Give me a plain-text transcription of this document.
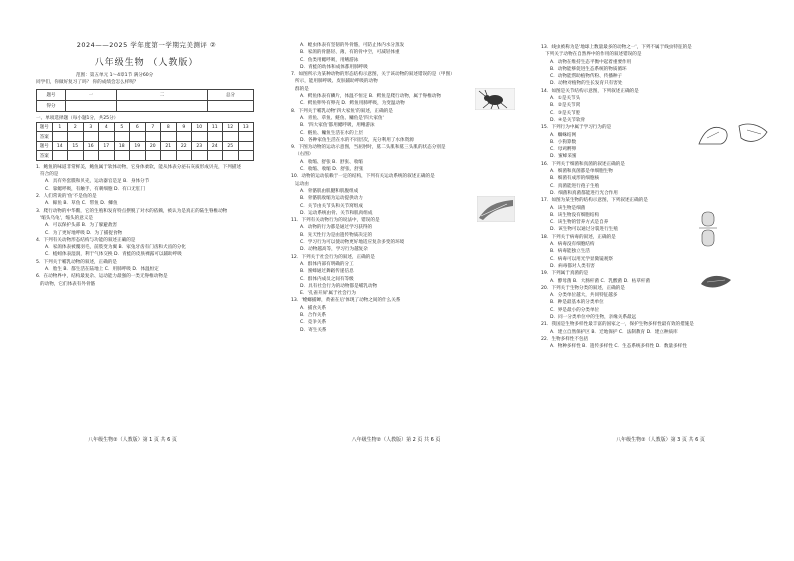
2024——2025 学年度第一学期完美测评 ②
八年级生物 （人教版）
范围：第五单元 1～4章1节 满分60分
同学们，你做好复习了吗？ 你的成绩会怎么样呢？
题号	一	二	总分
得分			
一、单项选择题（每小题1分，共25分）
题号	1	2	3	4	5	6	7	8	9	10	11	12	13
答案													
题号	14	15	16	17	18	19	20	21	22	23	24	25	
答案													
1．鲍鱼的味道非常鲜美，鲍鱼属于软体动物，它身体柔软，能从体表分泌石灰质形成贝壳，下列描述
符合的是
A．具有外套膜和贝壳，运动器官是足 B．身体分节
C．靠鳃呼吸，有触手，有刺细胞 D．有口无肛门
2．人们常说的'鱼'不是鱼的是
A．鲸鱼 B．草鱼 C．带鱼 D．鲫鱼
3．爬行动物的中华鳖，它的生殖和发育特点摆脱了对水的依赖，被认为是真正的陆生脊椎动物
'缩头乌龟'，缩头的意义是
A．可以保护头部 B．为了躲避敌害
C．为了更好地呼吸 D．为了捕捉食物
4．下列有关动物形态结构与功能的叙述正确的是
A．家鸽体表被覆羽毛，前肢变为翼 B．家兔牙齿有门齿和犬齿的分化
C．蚯蚓体表湿润，利于气体交换 D．青蛙的皮肤裸露可以辅助呼吸
5．下列关于哺乳动物的叙述，正确的是
A．胎生 B．都生活在陆地上 C．用肺呼吸 D．体温恒定
6．在动物界中，结构最复杂、运动能力最强的一类无脊椎动物是
的动物，它们体表有外骨骼
八年级生物②（人教版）第 1 页 共 6 页
A．蝗虫体表有坚韧的外骨骼，可防止体内水分蒸发
B．家鸽的骨骼轻、薄，有的骨中空，可减轻体重
C．鱼类用鳃呼吸，用鳍游泳
D．青蛙的幼体和成体都用肺呼吸
7．如图所示为某种动物的形态结构示意图，关于该动物的叙述错误的是（甲图）
所示，能用肺呼吸、皮肤辅助呼吸的动物
群的是
A．鳄鱼体表有鳞片，体温不恒定 B．鳄鱼是爬行动物，属于脊椎动物
C．鳄鱼卵外有卵壳 D．鳄鱼用肺呼吸，为变温动物
8．下列关于哺乳动物'四大家鱼'的叙述，正确的是
A．青鱼、草鱼、鲢鱼、鳙鱼是'四大家鱼'
B．'四大家鱼'都用鳃呼吸，用鳍游泳
C．鲢鱼、鳙鱼生活在水的上层
D．各种家鱼生活在水的不同层次，充分利用了水体资源
9．下图为动物的运动示意图，当屈肘时，肱二头肌和肱三头肌的状态分别是
（右图）
A．收缩、舒张 B．舒张、收缩
C．收缩、收缩 D．舒张、舒张
10．动物的运动依赖于一定的结构，下列有关运动系统的叙述正确的是
运动由
A．骨骼肌由肌腱和肌腹组成
B．骨骼肌收缩为运动提供动力
C．关节由关节头和关节窝组成
D．运动系统由骨、关节和肌肉组成
11．下列有关动物行为的说法中，错误的是
A．动物的行为都是通过学习获得的
B．先天性行为是由遗传物质决定的
C．学习行为可以使动物更好地适应复杂多变的环境
D．动物越高等，学习行为越复杂
12．下列关于社会行为的叙述，正确的是
A．群体内部有明确的分工
B．蜜蜂通过舞蹈传递信息
C．群体内成员之间有等级
D．具有社会行为的动物都是哺乳动物
E．'孔雀开屏'属于社会行为
13．'螳螂捕蝉，黄雀在后'体现了动物之间的什么关系
A．捕食关系
B．合作关系
C．竞争关系
D．寄生关系
八年级生物②（人教版）第 2 页 共 6 页
13．线虫被称为是'地球上数量最多的动物之一'，下列不属于线虫特征的是
下列关于动物在自然界中的作用的叙述错误的是
A．动物在维持生态平衡中起着重要作用
B．动物能够促进生态系统的物质循环
C．动物能帮助植物传粉、传播种子
D．动物对植物的生长发育只有害处
14．如图是关节结构示意图，下列叙述正确的是
A．①是关节头
B．②是关节窝
C．③是关节腔
D．④是关节软骨
15．下列行为中属于学习行为的是
A．蜘蛛结网
B．小狗算数
C．母鸡孵卵
D．蜜蜂采蜜
16．下列关于细菌和真菌的叙述正确的是
A．细菌和真菌都是单细胞生物
B．细菌有成形的细胞核
C．真菌能进行孢子生殖
D．细菌和真菌都能进行光合作用
17．如图为某生物的结构示意图，下列叙述正确的是
A．该生物是细菌
B．该生物没有细胞结构
C．该生物的营养方式是自养
D．该生物可以通过分裂进行生殖
18．下列关于病毒的叙述，正确的是
A．病毒没有细胞结构
B．病毒能独立生活
C．病毒可以用光学显微镜观察
D．病毒都对人类有害
19．下列属于真菌的是
A．酵母菌 B．大肠杆菌 C．乳酸菌 D．枯草杆菌
20．下列关于生物分类的叙述，正确的是
A．分类单位越大，共同特征越多
B．种是最基本的分类单位
C．界是最小的分类单位
D．同一分类单位中的生物，亲缘关系最远
21．我国是生物多样性最丰富的国家之一，保护生物多样性最有效的措施是
A．建立自然保护区 B．迁地保护 C．法制教育 D．建立种质库
22．生物多样性不包括
A．物种多样性 B．遗传多样性 C．生态系统多样性 D．数量多样性
八年级生物②（人教版）第 3 页 共 6 页
